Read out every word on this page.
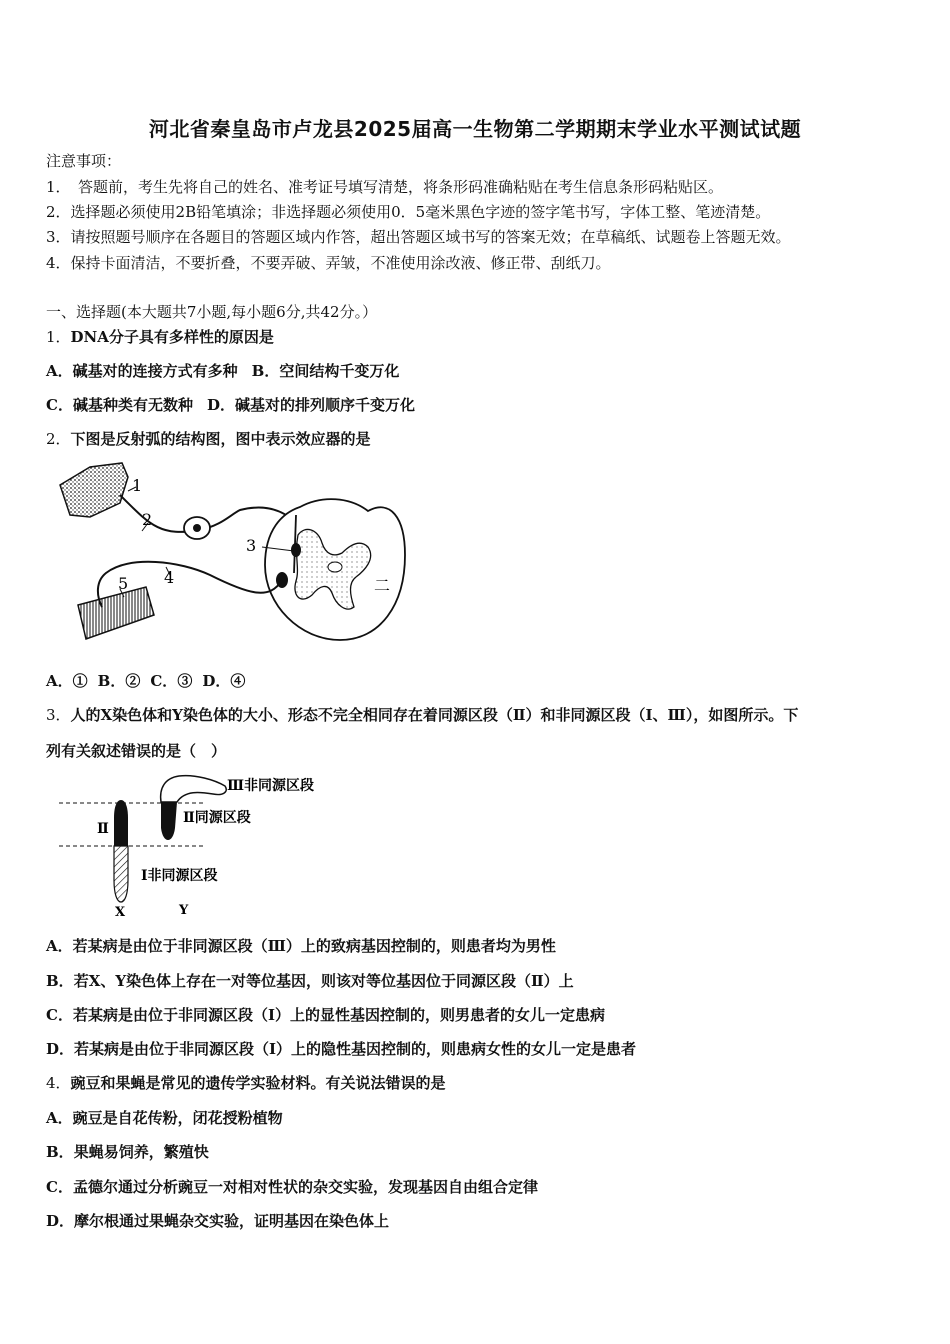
河北省秦皇岛市卢龙县2025届高一生物第二学期期末学业水平测试试题
注意事项：
1．　答题前，考生先将自己的姓名、准考证号填写清楚，将条形码准确粘贴在考生信息条形码粘贴区。
2．选择题必须使用2B铅笔填涂；非选择题必须使用0．5毫米黑色字迹的签字笔书写，字体工整、笔迹清楚。
3．请按照题号顺序在各题目的答题区域内作答，超出答题区域书写的答案无效；在草稿纸、试题卷上答题无效。
4．保持卡面清洁，不要折叠，不要弄破、弄皱，不准使用涂改液、修正带、刮纸刀。
一、选择题(本大题共7小题,每小题6分,共42分。）
1．DNA分子具有多样性的原因是
A．碱基对的连接方式有多种 B．空间结构千变万化
C．碱基种类有无数种 D．碱基对的排列顺序千变万化
2．下图是反射弧的结构图，图中表示效应器的是
1
2
3
4
5	二
A．① B．② C．③ D．④
3．人的X染色体和Y染色体的大小、形态不完全相同存在着同源区段（Ⅱ）和非同源区段（Ⅰ、Ⅲ），如图所示。下
列有关叙述错误的是（　）
Ⅲ非同源区段
Ⅱ同源区段
Ⅱ
Ⅰ非同源区段
X	Y
A．若某病是由位于非同源区段（Ⅲ）上的致病基因控制的，则患者均为男性
B．若X、Y染色体上存在一对等位基因，则该对等位基因位于同源区段（Ⅱ）上
C．若某病是由位于非同源区段（Ⅰ）上的显性基因控制的，则男患者的女儿一定患病
D．若某病是由位于非同源区段（Ⅰ）上的隐性基因控制的，则患病女性的女儿一定是患者
4．豌豆和果蝇是常见的遗传学实验材料。有关说法错误的是
A．豌豆是自花传粉，闭花授粉植物
B．果蝇易饲养，繁殖快
C．孟德尔通过分析豌豆一对相对性状的杂交实验，发现基因自由组合定律
D．摩尔根通过果蝇杂交实验，证明基因在染色体上
